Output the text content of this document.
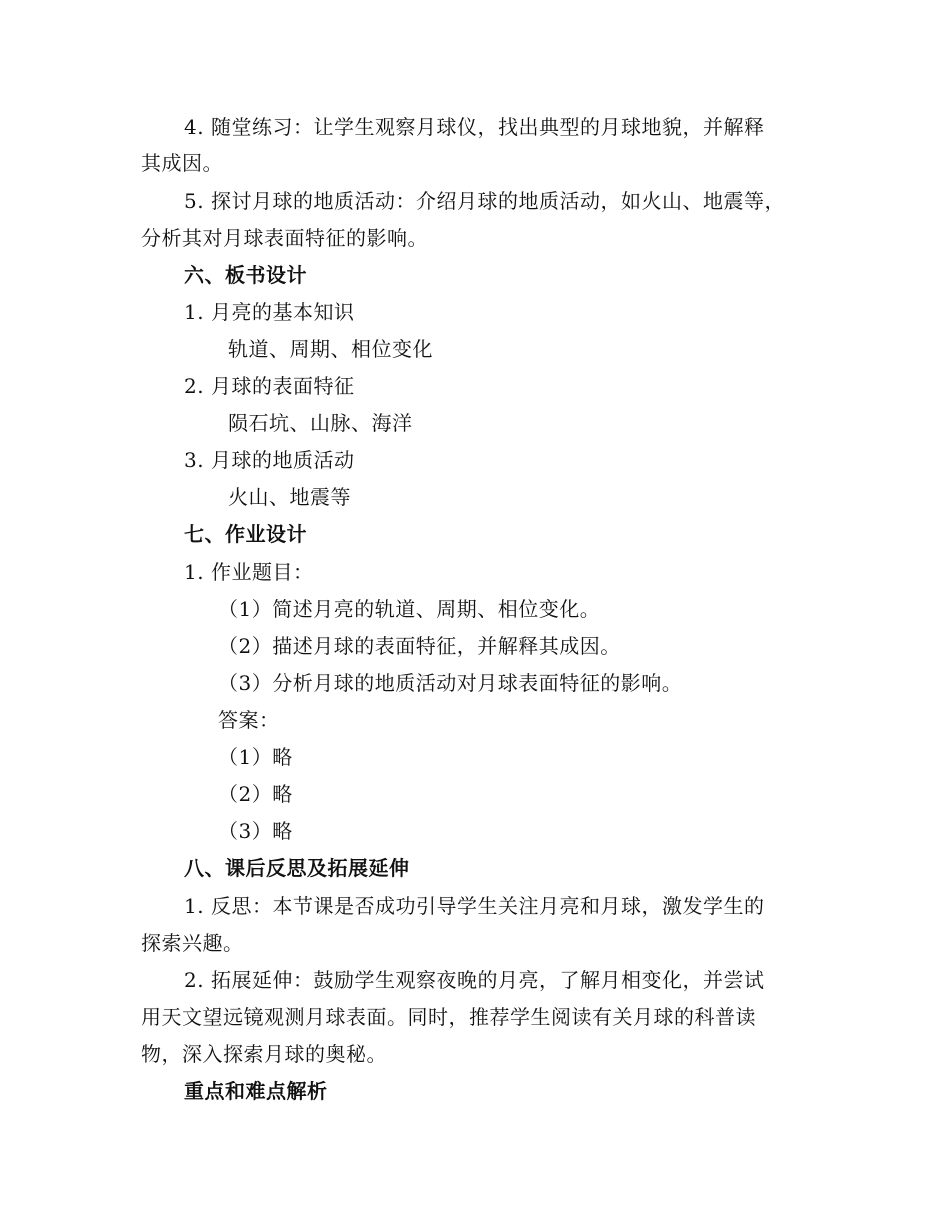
4. 随堂练习：让学生观察月球仪，找出典型的月球地貌，并解释
其成因。
5. 探讨月球的地质活动：介绍月球的地质活动，如火山、地震等，
分析其对月球表面特征的影响。
六、板书设计
1. 月亮的基本知识
轨道、周期、相位变化
2. 月球的表面特征
陨石坑、山脉、海洋
3. 月球的地质活动
火山、地震等
七、作业设计
1. 作业题目：
（1）简述月亮的轨道、周期、相位变化。
（2）描述月球的表面特征，并解释其成因。
（3）分析月球的地质活动对月球表面特征的影响。
答案：
（1）略
（2）略
（3）略
八、课后反思及拓展延伸
1. 反思：本节课是否成功引导学生关注月亮和月球，激发学生的
探索兴趣。
2. 拓展延伸：鼓励学生观察夜晚的月亮，了解月相变化，并尝试
用天文望远镜观测月球表面。同时，推荐学生阅读有关月球的科普读
物，深入探索月球的奥秘。
重点和难点解析
